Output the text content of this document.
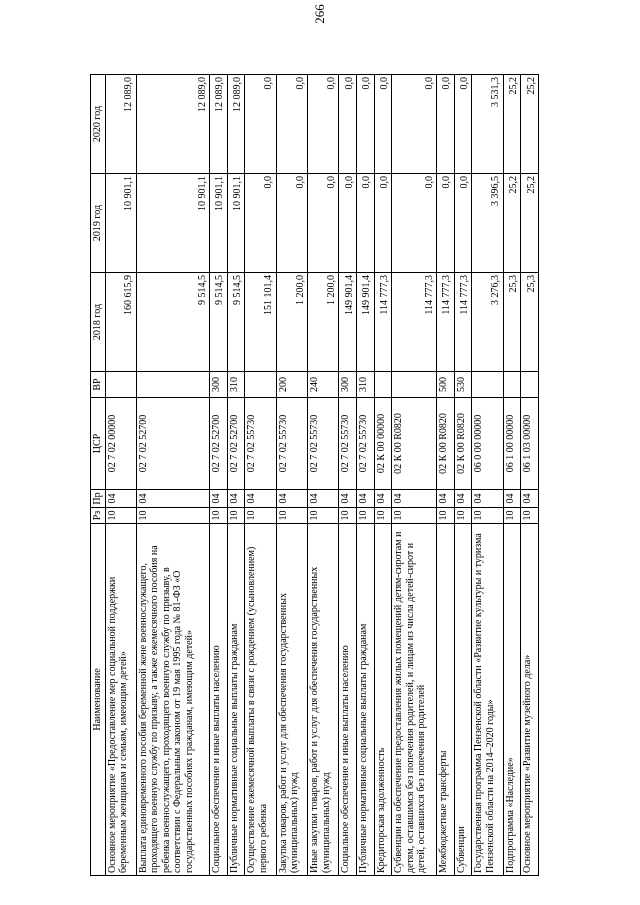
266
Наименование	Рз	Пр	ЦСР	ВР	2018 год	2019 год	2020 год
Основное мероприятие «Предоставление мер социальной поддержки беременным женщинам и семьям, имеющим детей»	10	04	02 7 02 00000		160 615,9	10 901,1	12 089,0
Выплата единовременного пособия беременной жене военнослужащего, проходящего военную службу по призыву, а также ежемесячного пособия на ребенка военнослужащего, проходящего военную службу по призыву, в соответствии с Федеральным законом от 19 мая 1995 года № 81-ФЗ «О государственных пособиях гражданам, имеющим детей»	10	04	02 7 02 52700		9 514,5	10 901,1	12 089,0
Социальное обеспечение и иные выплаты населению	10	04	02 7 02 52700	300	9 514,5	10 901,1	12 089,0
Публичные нормативные социальные выплаты гражданам	10	04	02 7 02 52700	310	9 514,5	10 901,1	12 089,0
Осуществление ежемесячной выплаты в связи с рождением (усыновлением) первого ребенка	10	04	02 7 02 55730		151 101,4	0,0	0,0
Закупка товаров, работ и услуг для обеспечения государственных (муниципальных) нужд	10	04	02 7 02 55730	200	1 200,0	0,0	0,0
Иные закупки товаров, работ и услуг для обеспечения государственных (муниципальных) нужд	10	04	02 7 02 55730	240	1 200,0	0,0	0,0
Социальное обеспечение и иные выплаты населению	10	04	02 7 02 55730	300	149 901,4	0,0	0,0
Публичные нормативные социальные выплаты гражданам	10	04	02 7 02 55730	310	149 901,4	0,0	0,0
Кредиторская задолженность	10	04	02 К 00 00000		114 777,3	0,0	0,0
Субвенции на обеспечение предоставления жилых помещений детям-сиротам и детям, оставшимся без попечения родителей, и лицам из числа детей-сирот и детей, оставшихся без попечения родителей	10	04	02 К 00 R0820		114 777,3	0,0	0,0
Межбюджетные трансферты	10	04	02 К 00 R0820	500	114 777,3	0,0	0,0
Субвенции	10	04	02 К 00 R0820	530	114 777,3	0,0	0,0
Государственная программа Пензенской области «Развитие культуры и туризма Пензенской области на 2014–2020 годы»	10	04	06 0 00 00000		3 276,3	3 396,5	3 531,3
Подпрограмма «Наследие»	10	04	06 1 00 00000		25,3	25,2	25,2
Основное мероприятие «Развитие музейного дела»	10	04	06 1 03 00000		25,3	25,2	25,2
